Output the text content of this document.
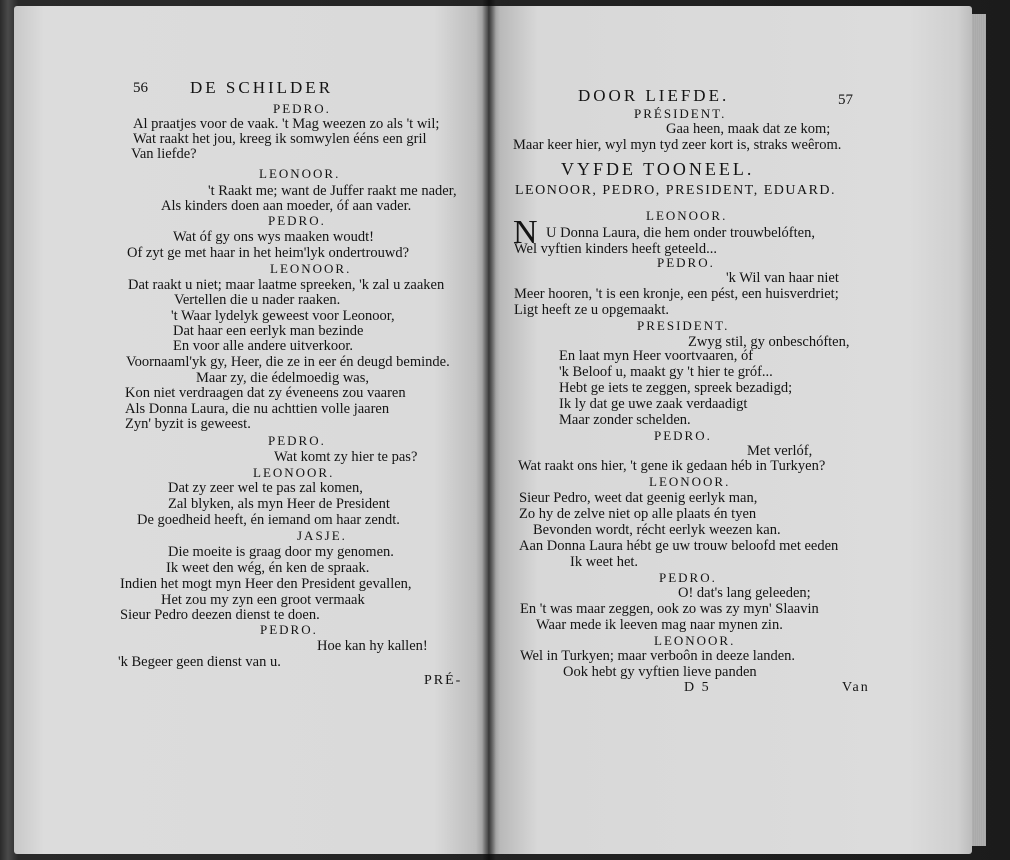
56 DE SCHILDER
PEDRO.
Al praatjes voor de vaak. 't Mag weezen zo als 't wil;
Wat raakt het jou, kreeg ik somwylen ééns een gril
Van liefde?
LEONOOR.
't Raakt me; want de Juffer raakt me nader,
Als kinders doen aan moeder, óf aan vader.
PEDRO.
Wat óf gy ons wys maaken woudt!
Of zyt ge met haar in het heim'lyk ondertrouwd?
LEONOOR.
Dat raakt u niet; maar laatme spreeken, 'k zal u zaaken
Vertellen die u nader raaken.
't Waar lydelyk geweest voor Leonoor,
Dat haar een eerlyk man bezinde
En voor alle andere uitverkoor.
Voornaaml'yk gy, Heer, die ze in eer én deugd beminde.
Maar zy, die édelmoedig was,
Kon niet verdraagen dat zy éveneens zou vaaren
Als Donna Laura, die nu achttien volle jaaren
Zyn' byzit is geweest.
PEDRO.
Wat komt zy hier te pas?
LEONOOR.
Dat zy zeer wel te pas zal komen,
Zal blyken, als myn Heer de President
De goedheid heeft, én iemand om haar zendt.
JASJE.
Die moeite is graag door my genomen.
Ik weet den wég, én ken de spraak.
Indien het mogt myn Heer den President gevallen,
Het zou my zyn een groot vermaak
Sieur Pedro deezen dienst te doen.
PEDRO.
Hoe kan hy kallen!
'k Begeer geen dienst van u.
PRÉ-
DOOR LIEFDE.	57
PRÉSIDENT.
Gaa heen, maak dat ze kom;
Maar keer hier, wyl myn tyd zeer kort is, straks weêrom.
VYFDE TOONEEL.
LEONOOR, PEDRO, PRESIDENT, EDUARD.
LEONOOR.
N U Donna Laura, die hem onder trouwbelóften,
Wel vyftien kinders heeft geteeld...
PEDRO.
'k Wil van haar niet
Meer hooren, 't is een kronje, een pést, een huisverdriet;
Ligt heeft ze u opgemaakt.
PRESIDENT.
Zwyg stil, gy onbeschóften,
En laat myn Heer voortvaaren, óf
'k Beloof u, maakt gy 't hier te gróf...
Hebt ge iets te zeggen, spreek bezadigd;
Ik ly dat ge uwe zaak verdaadigt
Maar zonder schelden.
PEDRO.
Met verlóf,
Wat raakt ons hier, 't gene ik gedaan héb in Turkyen?
LEONOOR.
Sieur Pedro, weet dat geenig eerlyk man,
Zo hy de zelve niet op alle plaats én tyen
Bevonden wordt, récht eerlyk weezen kan.
Aan Donna Laura hébt ge uw trouw beloofd met eeden
Ik weet het.
PEDRO.
O! dat's lang geleeden;
En 't was maar zeggen, ook zo was zy myn' Slaavin
Waar mede ik leeven mag naar mynen zin.
LEONOOR.
Wel in Turkyen; maar verboôn in deeze landen.
Ook hebt gy vyftien lieve panden
D 5	Van
